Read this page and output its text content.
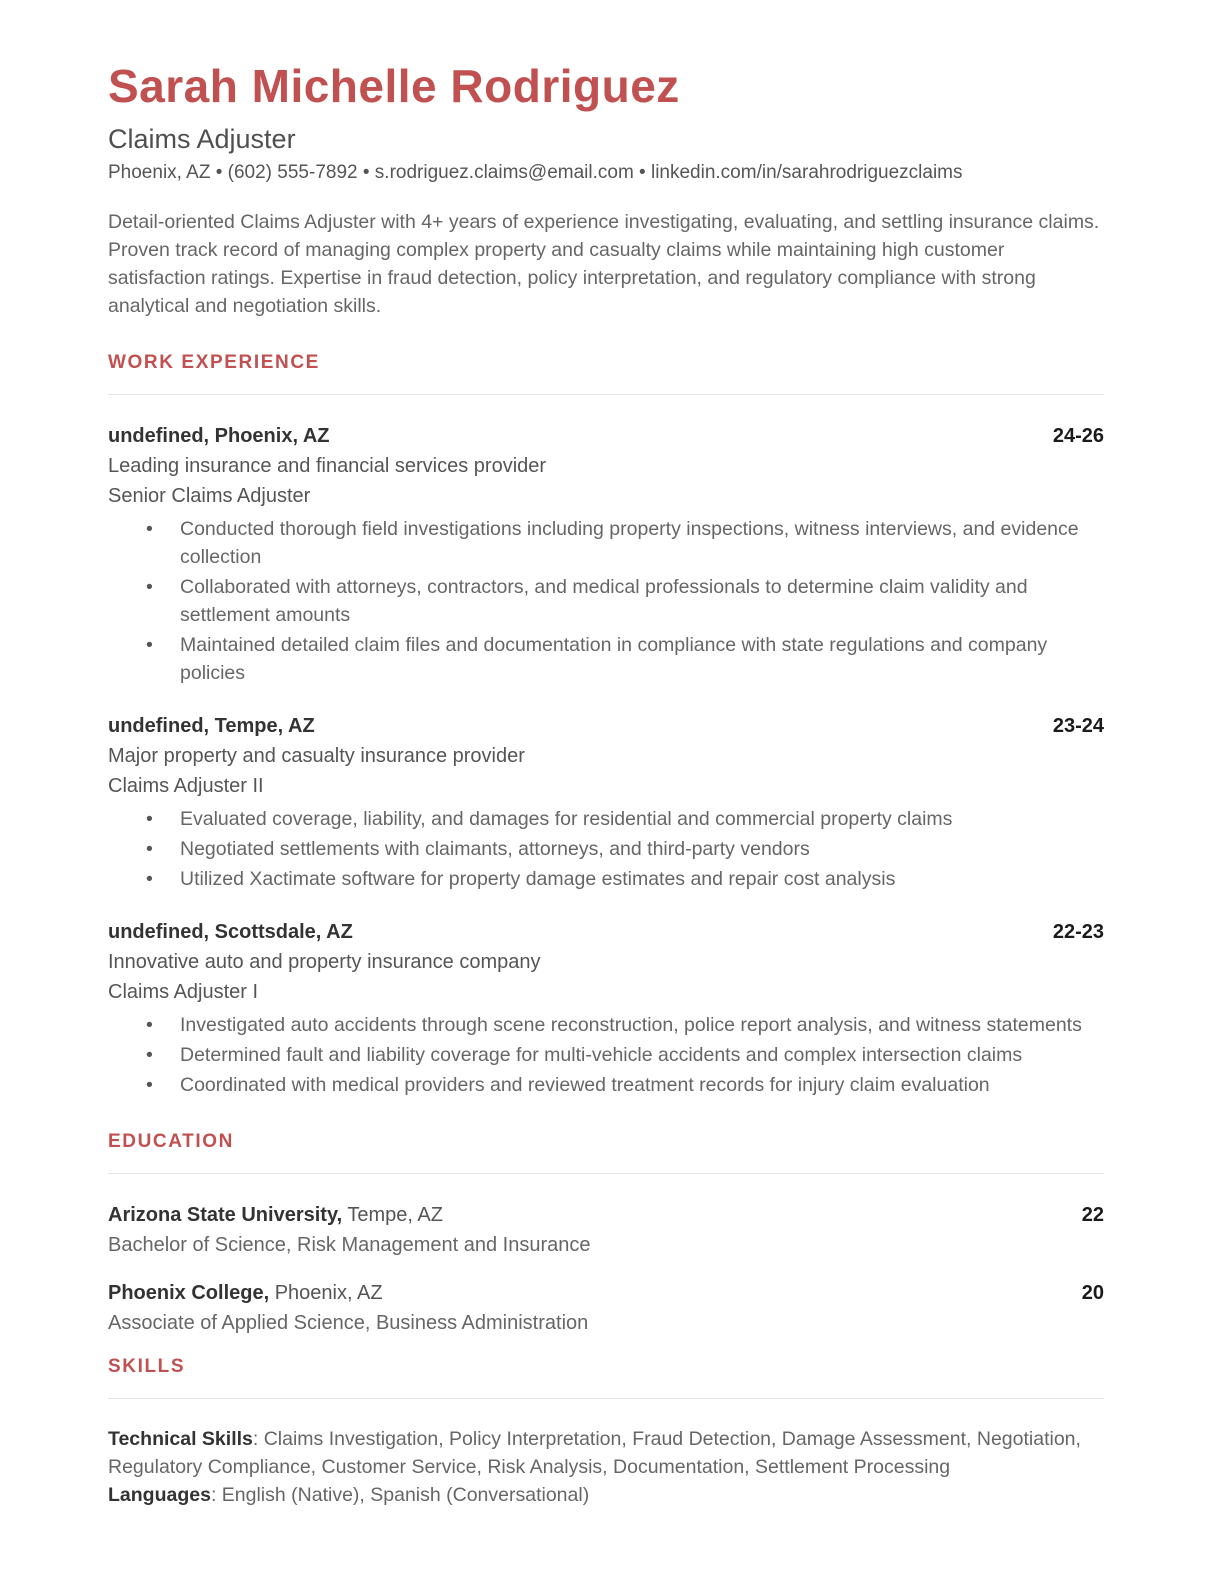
Sarah Michelle Rodriguez
Claims Adjuster
Phoenix, AZ • (602) 555-7892 • s.rodriguez.claims@email.com • linkedin.com/in/sarahrodriguezclaims

Detail-oriented Claims Adjuster with 4+ years of experience investigating, evaluating, and settling insurance claims. Proven track record of managing complex property and casualty claims while maintaining high customer satisfaction ratings. Expertise in fraud detection, policy interpretation, and regulatory compliance with strong analytical and negotiation skills.

WORK EXPERIENCE
undefined, Phoenix, AZ	24-26
Leading insurance and financial services provider
Senior Claims Adjuster
• Conducted thorough field investigations including property inspections, witness interviews, and evidence collection
• Collaborated with attorneys, contractors, and medical professionals to determine claim validity and settlement amounts
• Maintained detailed claim files and documentation in compliance with state regulations and company policies
undefined, Tempe, AZ	23-24
Major property and casualty insurance provider
Claims Adjuster II
• Evaluated coverage, liability, and damages for residential and commercial property claims
• Negotiated settlements with claimants, attorneys, and third-party vendors
• Utilized Xactimate software for property damage estimates and repair cost analysis
undefined, Scottsdale, AZ	22-23
Innovative auto and property insurance company
Claims Adjuster I
• Investigated auto accidents through scene reconstruction, police report analysis, and witness statements
• Determined fault and liability coverage for multi-vehicle accidents and complex intersection claims
• Coordinated with medical providers and reviewed treatment records for injury claim evaluation
EDUCATION
Arizona State University, Tempe, AZ	22
Bachelor of Science, Risk Management and Insurance
Phoenix College, Phoenix, AZ	20
Associate of Applied Science, Business Administration
SKILLS

Technical Skills: Claims Investigation, Policy Interpretation, Fraud Detection, Damage Assessment, Negotiation, Regulatory Compliance, Customer Service, Risk Analysis, Documentation, Settlement Processing

Languages: English (Native), Spanish (Conversational)
